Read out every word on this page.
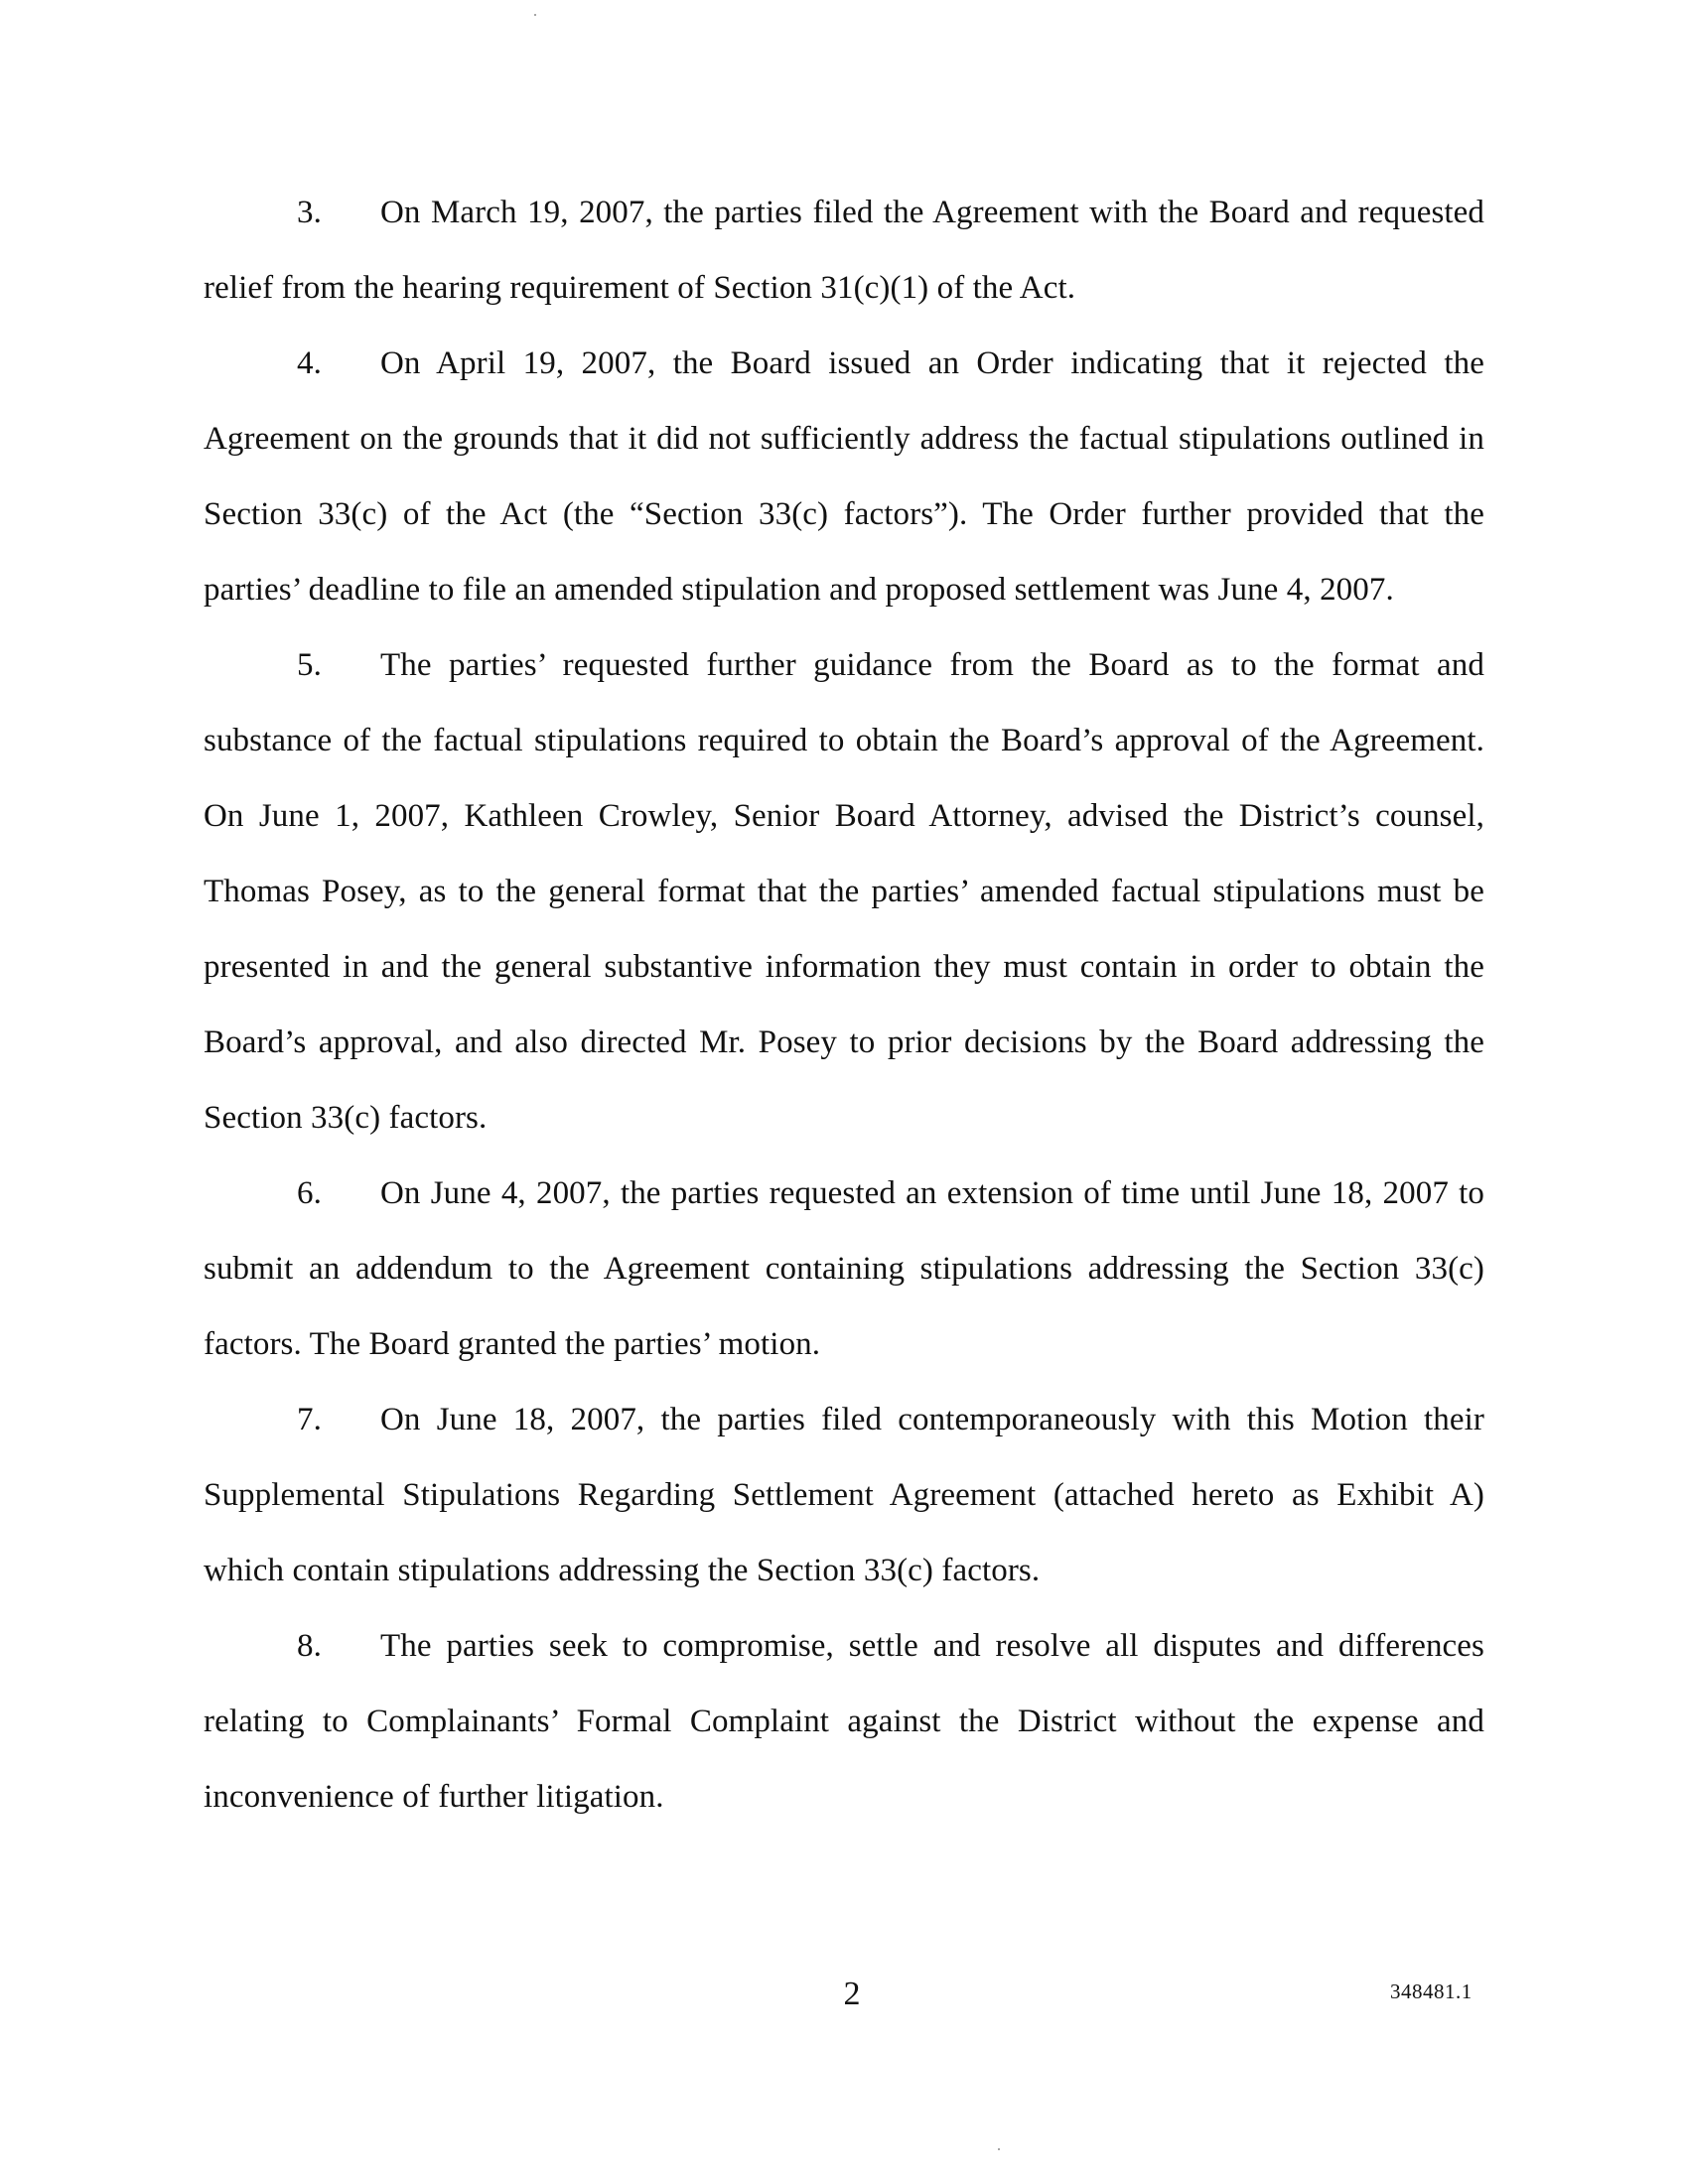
3. On March 19, 2007, the parties filed the Agreement with the Board and requested relief from the hearing requirement of Section 31(c)(1) of the Act.

4. On April 19, 2007, the Board issued an Order indicating that it rejected the Agreement on the grounds that it did not sufficiently address the factual stipulations outlined in Section 33(c) of the Act (the “Section 33(c) factors”). The Order further provided that the parties’ deadline to file an amended stipulation and proposed settlement was June 4, 2007.

5. The parties’ requested further guidance from the Board as to the format and substance of the factual stipulations required to obtain the Board’s approval of the Agreement. On June 1, 2007, Kathleen Crowley, Senior Board Attorney, advised the District’s counsel, Thomas Posey, as to the general format that the parties’ amended factual stipulations must be presented in and the general substantive information they must contain in order to obtain the Board’s approval, and also directed Mr. Posey to prior decisions by the Board addressing the Section 33(c) factors.

6. On June 4, 2007, the parties requested an extension of time until June 18, 2007 to submit an addendum to the Agreement containing stipulations addressing the Section 33(c) factors. The Board granted the parties’ motion.

7. On June 18, 2007, the parties filed contemporaneously with this Motion their Supplemental Stipulations Regarding Settlement Agreement (attached hereto as Exhibit A) which contain stipulations addressing the Section 33(c) factors.

8. The parties seek to compromise, settle and resolve all disputes and differences relating to Complainants’ Formal Complaint against the District without the expense and inconvenience of further litigation.

2	348481.1
